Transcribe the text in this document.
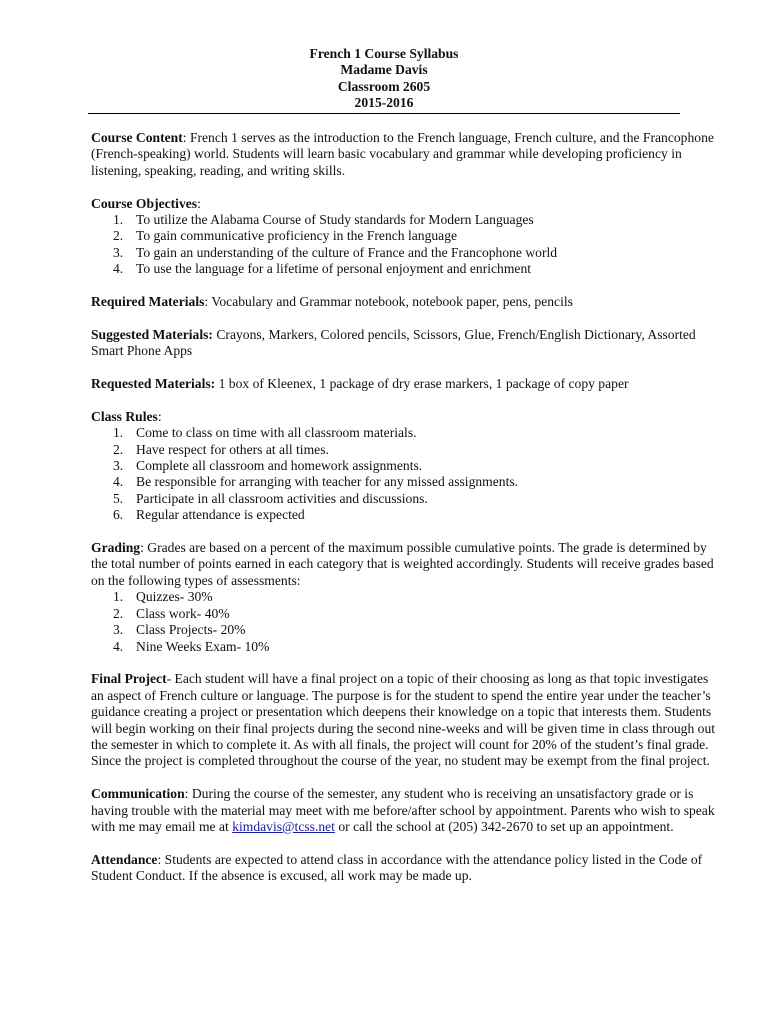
French 1 Course Syllabus
Madame Davis
Classroom 2605
2015-2016
Course Content: French 1 serves as the introduction to the French language, French culture, and the Francophone (French-speaking) world. Students will learn basic vocabulary and grammar while developing proficiency in listening, speaking, reading, and writing skills.
Course Objectives:
1. To utilize the Alabama Course of Study standards for Modern Languages
2. To gain communicative proficiency in the French language
3. To gain an understanding of the culture of France and the Francophone world
4. To use the language for a lifetime of personal enjoyment and enrichment
Required Materials: Vocabulary and Grammar notebook, notebook paper, pens, pencils
Suggested Materials: Crayons, Markers, Colored pencils, Scissors, Glue, French/English Dictionary, Assorted Smart Phone Apps
Requested Materials: 1 box of Kleenex, 1 package of dry erase markers, 1 package of copy paper
Class Rules:
1. Come to class on time with all classroom materials.
2. Have respect for others at all times.
3. Complete all classroom and homework assignments.
4. Be responsible for arranging with teacher for any missed assignments.
5. Participate in all classroom activities and discussions.
6. Regular attendance is expected
Grading: Grades are based on a percent of the maximum possible cumulative points. The grade is determined by the total number of points earned in each category that is weighted accordingly. Students will receive grades based on the following types of assessments:
1. Quizzes- 30%
2. Class work- 40%
3. Class Projects- 20%
4. Nine Weeks Exam- 10%
Final Project- Each student will have a final project on a topic of their choosing as long as that topic investigates an aspect of French culture or language. The purpose is for the student to spend the entire year under the teacher’s guidance creating a project or presentation which deepens their knowledge on a topic that interests them. Students will begin working on their final projects during the second nine-weeks and will be given time in class through out the semester in which to complete it. As with all finals, the project will count for 20% of the student’s final grade. Since the project is completed throughout the course of the year, no student may be exempt from the final project.
Communication: During the course of the semester, any student who is receiving an unsatisfactory grade or is having trouble with the material may meet with me before/after school by appointment. Parents who wish to speak with me may email me at kimdavis@tcss.net or call the school at (205) 342-2670 to set up an appointment.
Attendance: Students are expected to attend class in accordance with the attendance policy listed in the Code of Student Conduct. If the absence is excused, all work may be made up.
